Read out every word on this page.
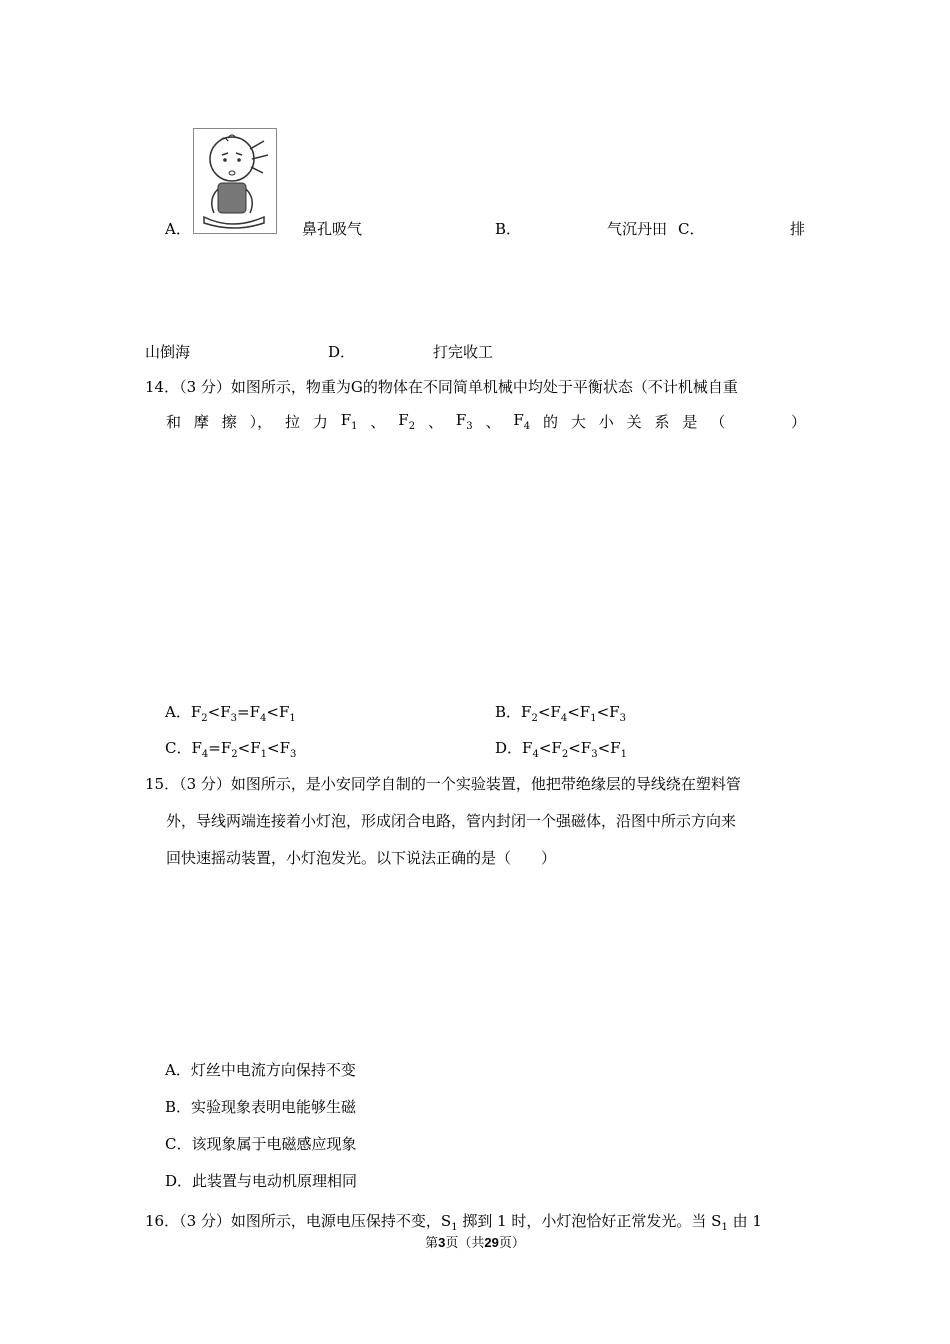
A．	鼻孔吸气	B．	气沉丹田 C．	排
山倒海	D．	打完收工
14．（3 分）如图所示，物重为G的物体在不同简单机械中均处于平衡状态（不计机械自重
和 摩 擦 ）， 拉 力 $F_1$ 、 $F_2$ 、 $F_3$ 、 $F_4$ 的 大 小 关 系 是 （	）
A．$F_2<F_3=F_4<F_1$	B．$F_2<F_4<F_1<F_3$
C．$F_4=F_2<F_1<F_3$	D．$F_4<F_2<F_3<F_1$
15．（3 分）如图所示，是小安同学自制的一个实验装置，他把带绝缘层的导线绕在塑料管
外，导线两端连接着小灯泡，形成闭合电路，管内封闭一个强磁体，沿图中所示方向来
回快速摇动装置，小灯泡发光。以下说法正确的是（　　）
A．灯丝中电流方向保持不变
B．实验现象表明电能够生磁
C．该现象属于电磁感应现象
D．此装置与电动机原理相同
16．（3 分）如图所示，电源电压保持不变，$S_1$ 掷到 1 时，小灯泡恰好正常发光。当 $S_1$ 由 1
第3页（共29页）
